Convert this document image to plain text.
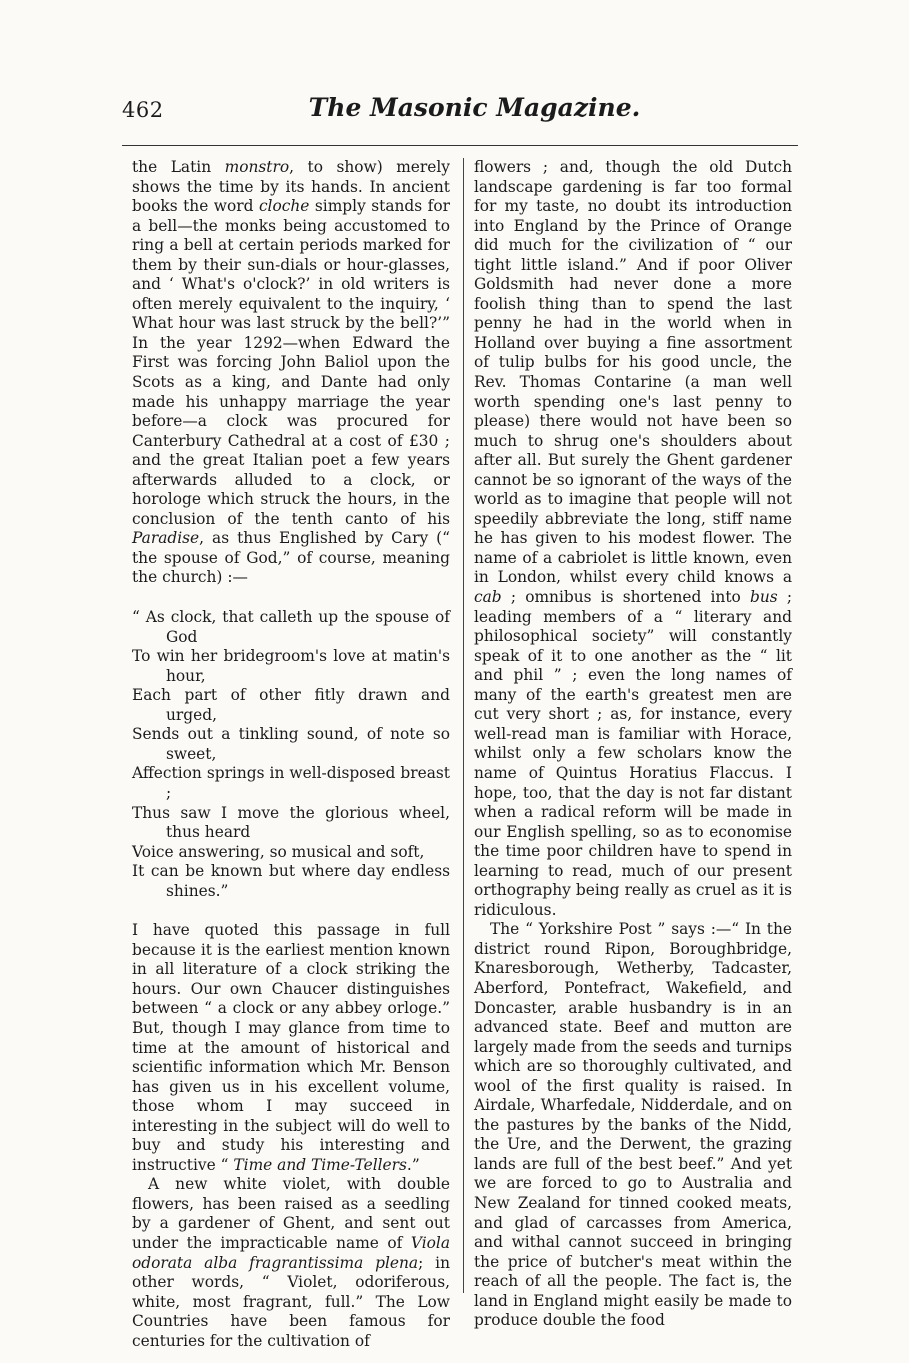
462	The Masonic Magazine.

the Latin monstro, to show) merely shows the time by its hands. In ancient books the word cloche simply stands for a bell—the monks being accustomed to ring a bell at certain periods marked for them by their sun-dials or hour-glasses, and ‘ What's o'clock?’ in old writers is often merely equivalent to the inquiry, ‘ What hour was last struck by the bell?’” In the year 1292—when Edward the First was forcing John Baliol upon the Scots as a king, and Dante had only made his unhappy marriage the year before—a clock was procured for Canterbury Cathedral at a cost of £30 ; and the great Italian poet a few years afterwards alluded to a clock, or horologe which struck the hours, in the conclusion of the tenth canto of his Paradise, as thus Englished by Cary (“ the spouse of God,” of course, meaning the church) :—

“ As clock, that calleth up the spouse of God
To win her bridegroom's love at matin's hour,
Each part of other fitly drawn and urged,
Sends out a tinkling sound, of note so sweet,
Affection springs in well-disposed breast ;
Thus saw I move the glorious wheel, thus heard
Voice answering, so musical and soft,
It can be known but where day endless shines.”

I have quoted this passage in full because it is the earliest mention known in all literature of a clock striking the hours. Our own Chaucer distinguishes between “ a clock or any abbey orloge.” But, though I may glance from time to time at the amount of historical and scientific information which Mr. Benson has given us in his excellent volume, those whom I may succeed in interesting in the subject will do well to buy and study his interesting and instructive “ Time and Time-Tellers.”

A new white violet, with double flowers, has been raised as a seedling by a gardener of Ghent, and sent out under the impracticable name of Viola odorata alba fragrantissima plena; in other words, “ Violet, odoriferous, white, most fragrant, full.” The Low Countries have been famous for centuries for the cultivation of

flowers ; and, though the old Dutch landscape gardening is far too formal for my taste, no doubt its introduction into England by the Prince of Orange did much for the civilization of “ our tight little island.” And if poor Oliver Goldsmith had never done a more foolish thing than to spend the last penny he had in the world when in Holland over buying a fine assortment of tulip bulbs for his good uncle, the Rev. Thomas Contarine (a man well worth spending one's last penny to please) there would not have been so much to shrug one's shoulders about after all. But surely the Ghent gardener cannot be so ignorant of the ways of the world as to imagine that people will not speedily abbreviate the long, stiff name he has given to his modest flower. The name of a cabriolet is little known, even in London, whilst every child knows a cab ; omnibus is shortened into bus ; leading members of a “ literary and philosophical society” will constantly speak of it to one another as the “ lit and phil ” ; even the long names of many of the earth's greatest men are cut very short ; as, for instance, every well-read man is familiar with Horace, whilst only a few scholars know the name of Quintus Horatius Flaccus. I hope, too, that the day is not far distant when a radical reform will be made in our English spelling, so as to economise the time poor children have to spend in learning to read, much of our present orthography being really as cruel as it is ridiculous.

The “ Yorkshire Post ” says :—“ In the district round Ripon, Boroughbridge, Knaresborough, Wetherby, Tadcaster, Aberford, Pontefract, Wakefield, and Doncaster, arable husbandry is in an advanced state. Beef and mutton are largely made from the seeds and turnips which are so thoroughly cultivated, and wool of the first quality is raised. In Airdale, Wharfedale, Nidderdale, and on the pastures by the banks of the Nidd, the Ure, and the Derwent, the grazing lands are full of the best beef.” And yet we are forced to go to Australia and New Zealand for tinned cooked meats, and glad of carcasses from America, and withal cannot succeed in bringing the price of butcher's meat within the reach of all the people. The fact is, the land in England might easily be made to produce double the food
